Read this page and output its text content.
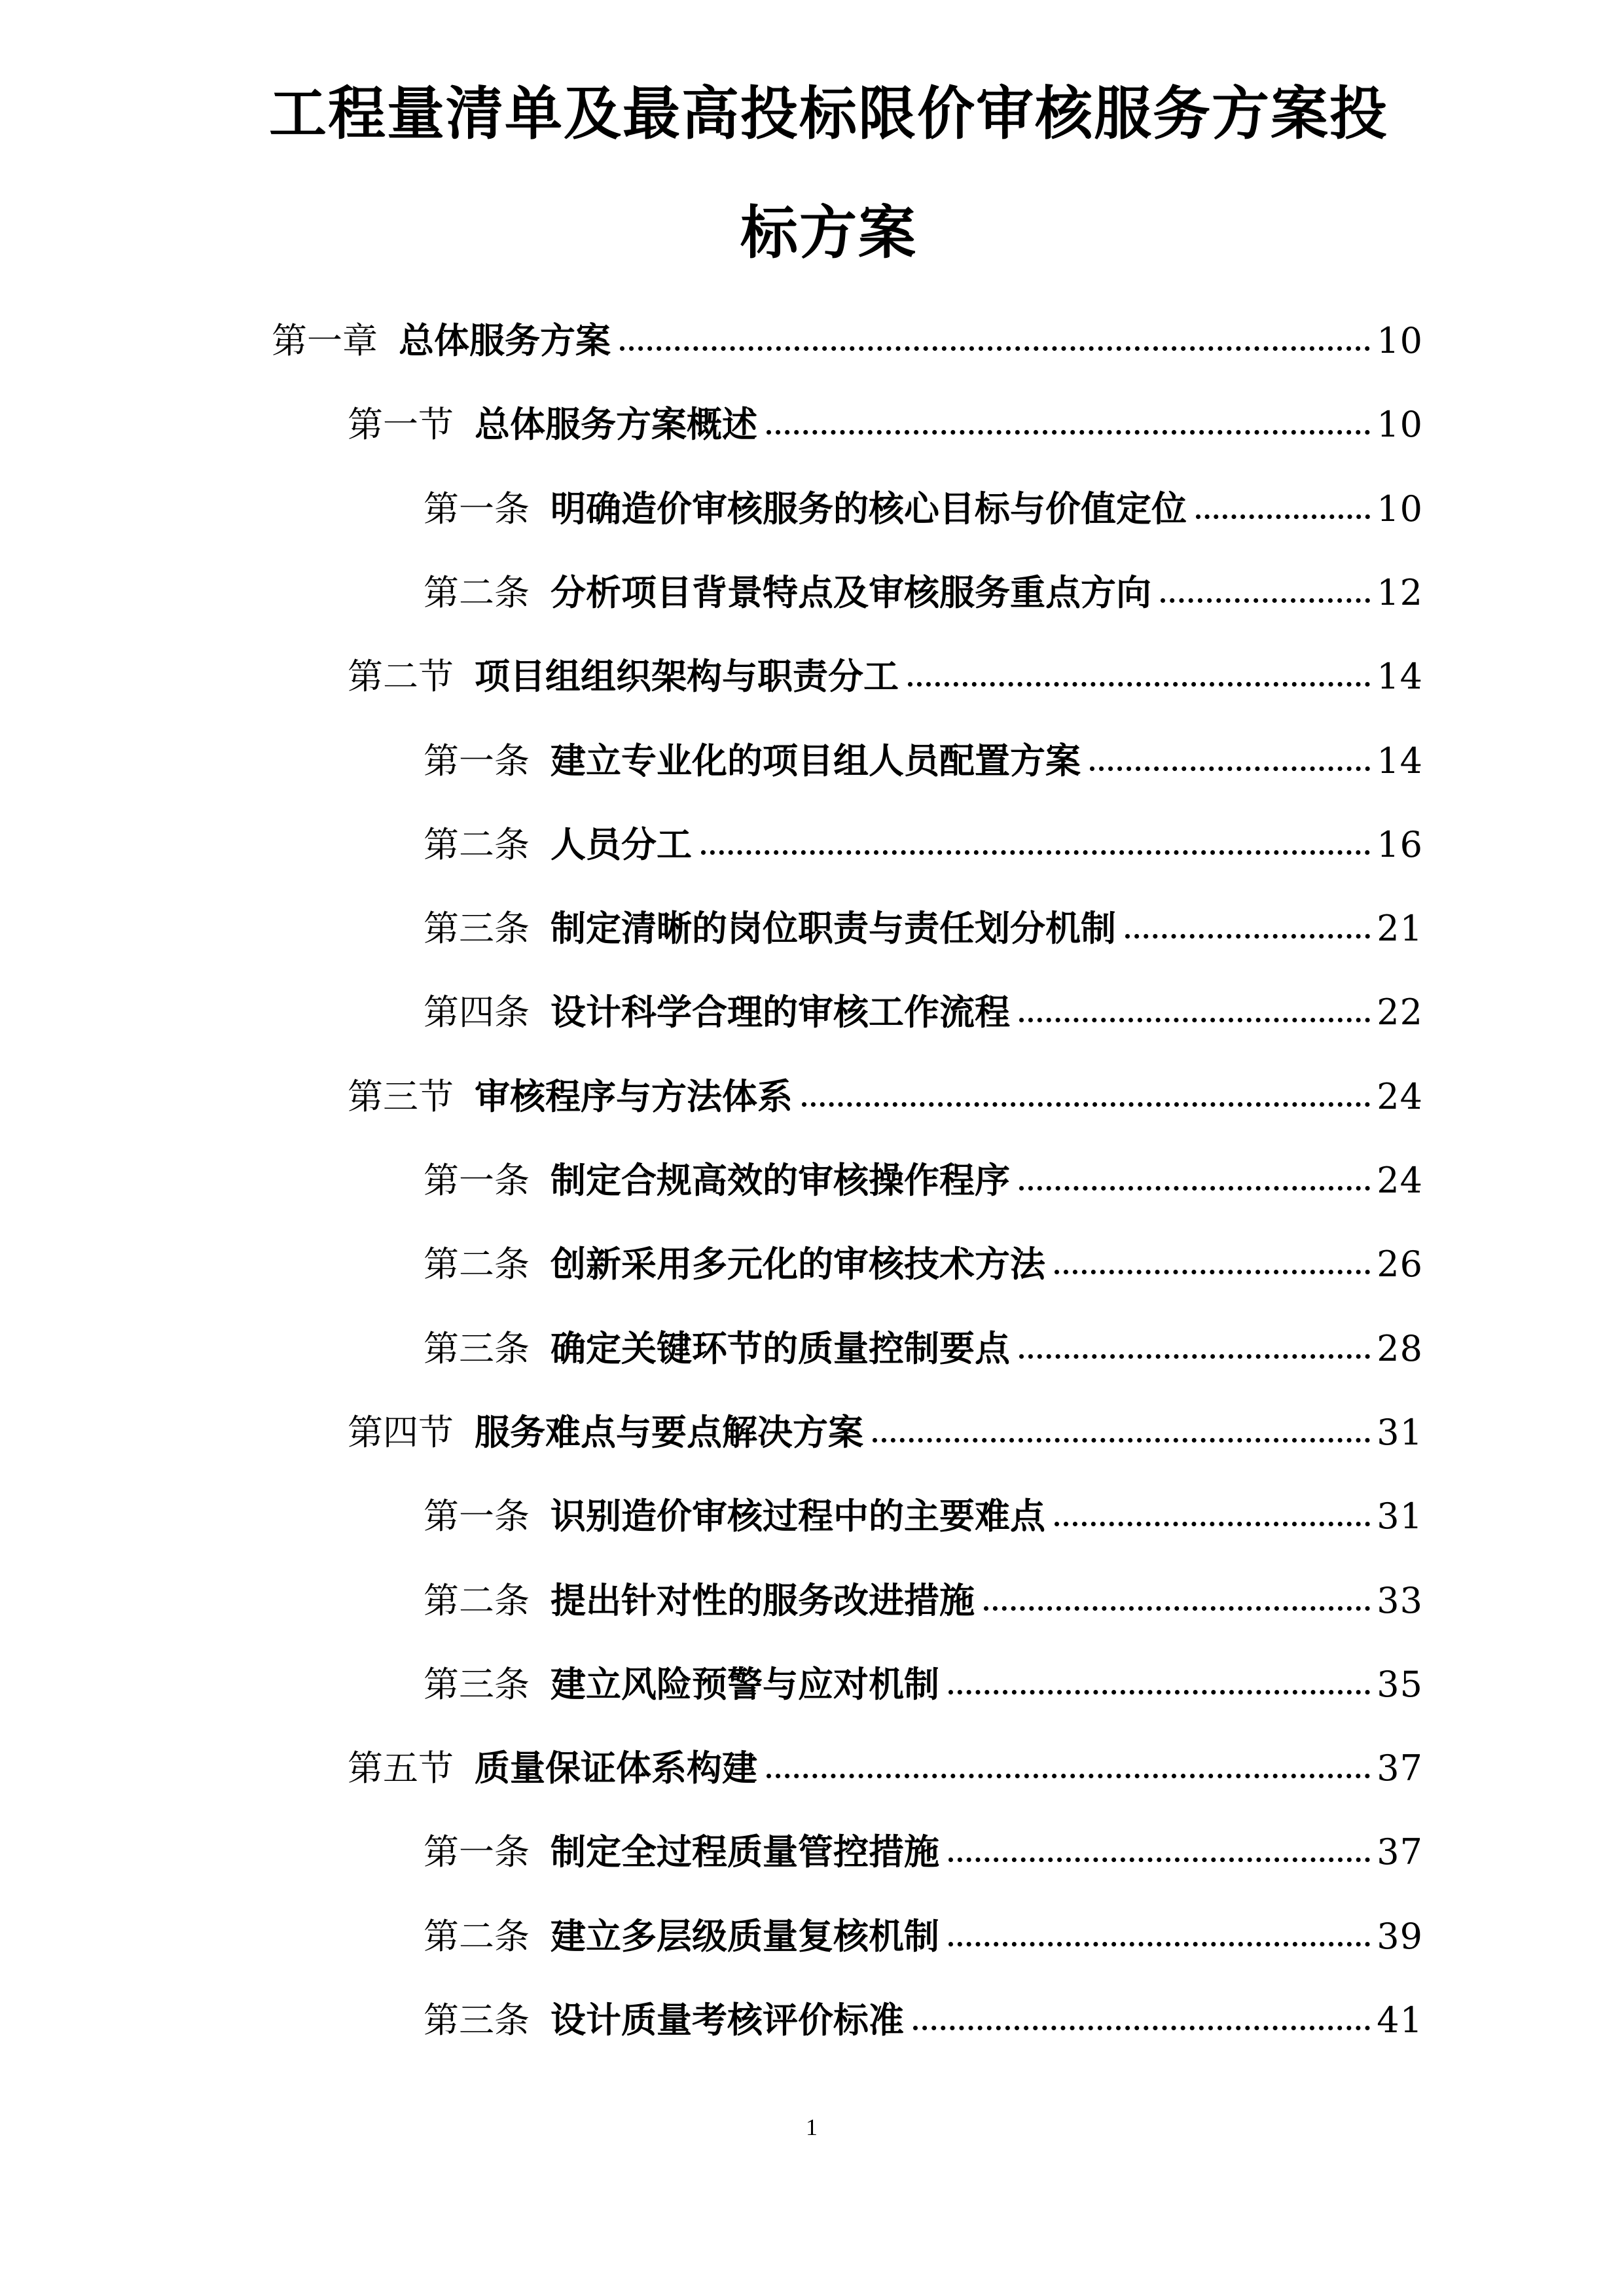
工程量清单及最高投标限价审核服务方案投
标方案
第一章 总体服务方案	10
第一节 总体服务方案概述	10
第一条 明确造价审核服务的核心目标与价值定位	10
第二条 分析项目背景特点及审核服务重点方向	12
第二节 项目组组织架构与职责分工	14
第一条 建立专业化的项目组人员配置方案	14
第二条 人员分工	16
第三条 制定清晰的岗位职责与责任划分机制	21
第四条 设计科学合理的审核工作流程	22
第三节 审核程序与方法体系	24
第一条 制定合规高效的审核操作程序	24
第二条 创新采用多元化的审核技术方法	26
第三条 确定关键环节的质量控制要点	28
第四节 服务难点与要点解决方案	31
第一条 识别造价审核过程中的主要难点	31
第二条 提出针对性的服务改进措施	33
第三条 建立风险预警与应对机制	35
第五节 质量保证体系构建	37
第一条 制定全过程质量管控措施	37
第二条 建立多层级质量复核机制	39
第三条 设计质量考核评价标准	41
1
